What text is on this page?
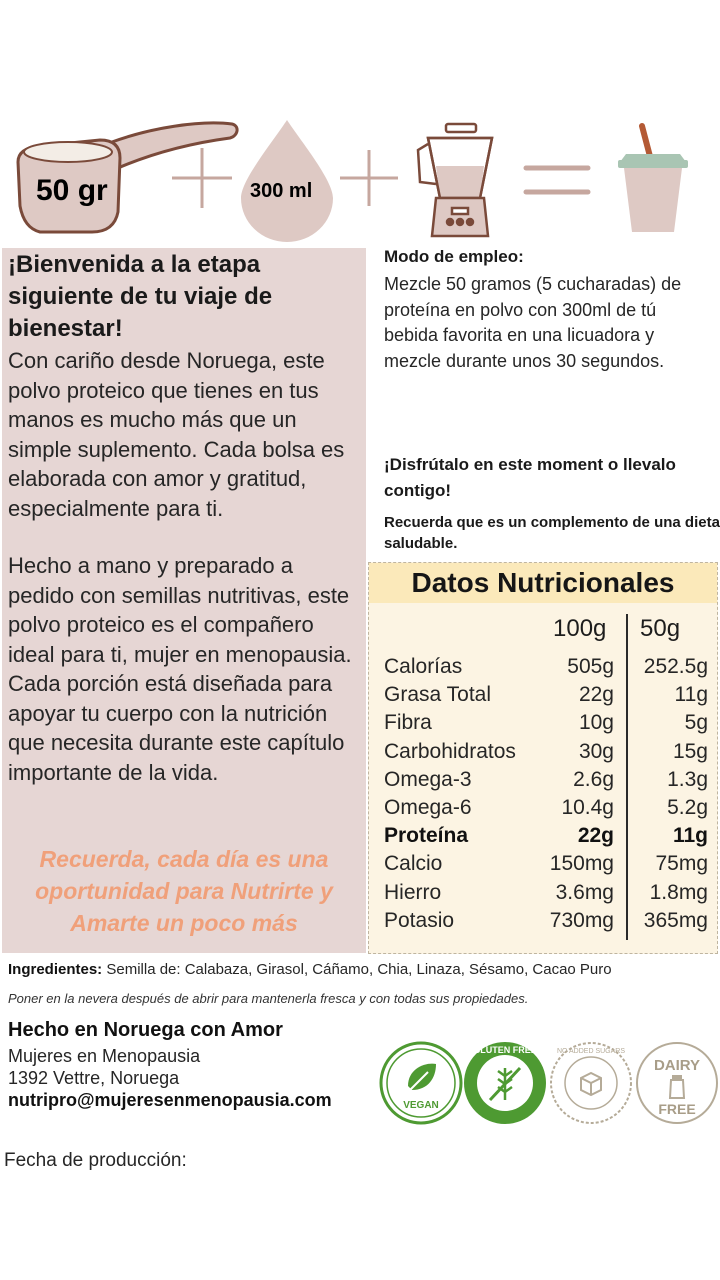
50 gr	300 ml
¡Bienvenida a la etapa siguiente de tu viaje de bienestar!
Con cariño desde Noruega, este polvo proteico que tienes en tus manos es mucho más que un simple suplemento. Cada bolsa es elaborada con amor y gratitud, especialmente para ti.
Hecho a mano y preparado a pedido con semillas nutritivas, este polvo proteico es el compañero ideal para ti, mujer en menopausia. Cada porción está diseñada para apoyar tu cuerpo con la nutrición que necesita durante este capítulo importante de la vida.
Recuerda, cada día es una oportunidad para Nutrirte y Amarte un poco más
Modo de empleo:
Mezcle 50 gramos (5 cucharadas) de proteína en polvo con 300ml de tú bebida favorita en una licuadora y mezcle durante unos 30 segundos.
¡Disfrútalo en este moment o llevalo contigo!
Recuerda que es un complemento de una dieta saludable.
Datos Nutricionales
100g 50g
Calorías	505g 252.5g
Grasa Total	22g	11g
Fibra	10g	5g
Carbohidratos	30g	15g
Omega-3	2.6g	1.3g
Omega-6	10.4g	5.2g
Proteína	22g	11g
Calcio	150mg 75mg
Hierro	3.6mg 1.8mg
Potasio	730mg 365mg
Ingredientes: Semilla de: Calabaza, Girasol, Cáñamo, Chia, Linaza, Sésamo, Cacao Puro
Poner en la nevera después de abrir para mantenerla fresca y con todas sus propiedades.
Hecho en Noruega con Amor
Mujeres en Menopausia
1392 Vettre, Noruega
nutripro@mujeresenmenopausia.com
Fecha de producción:
VEGAN
GLUTEN FREE	NO ADDED SUGARS
DAIRY
FREE
